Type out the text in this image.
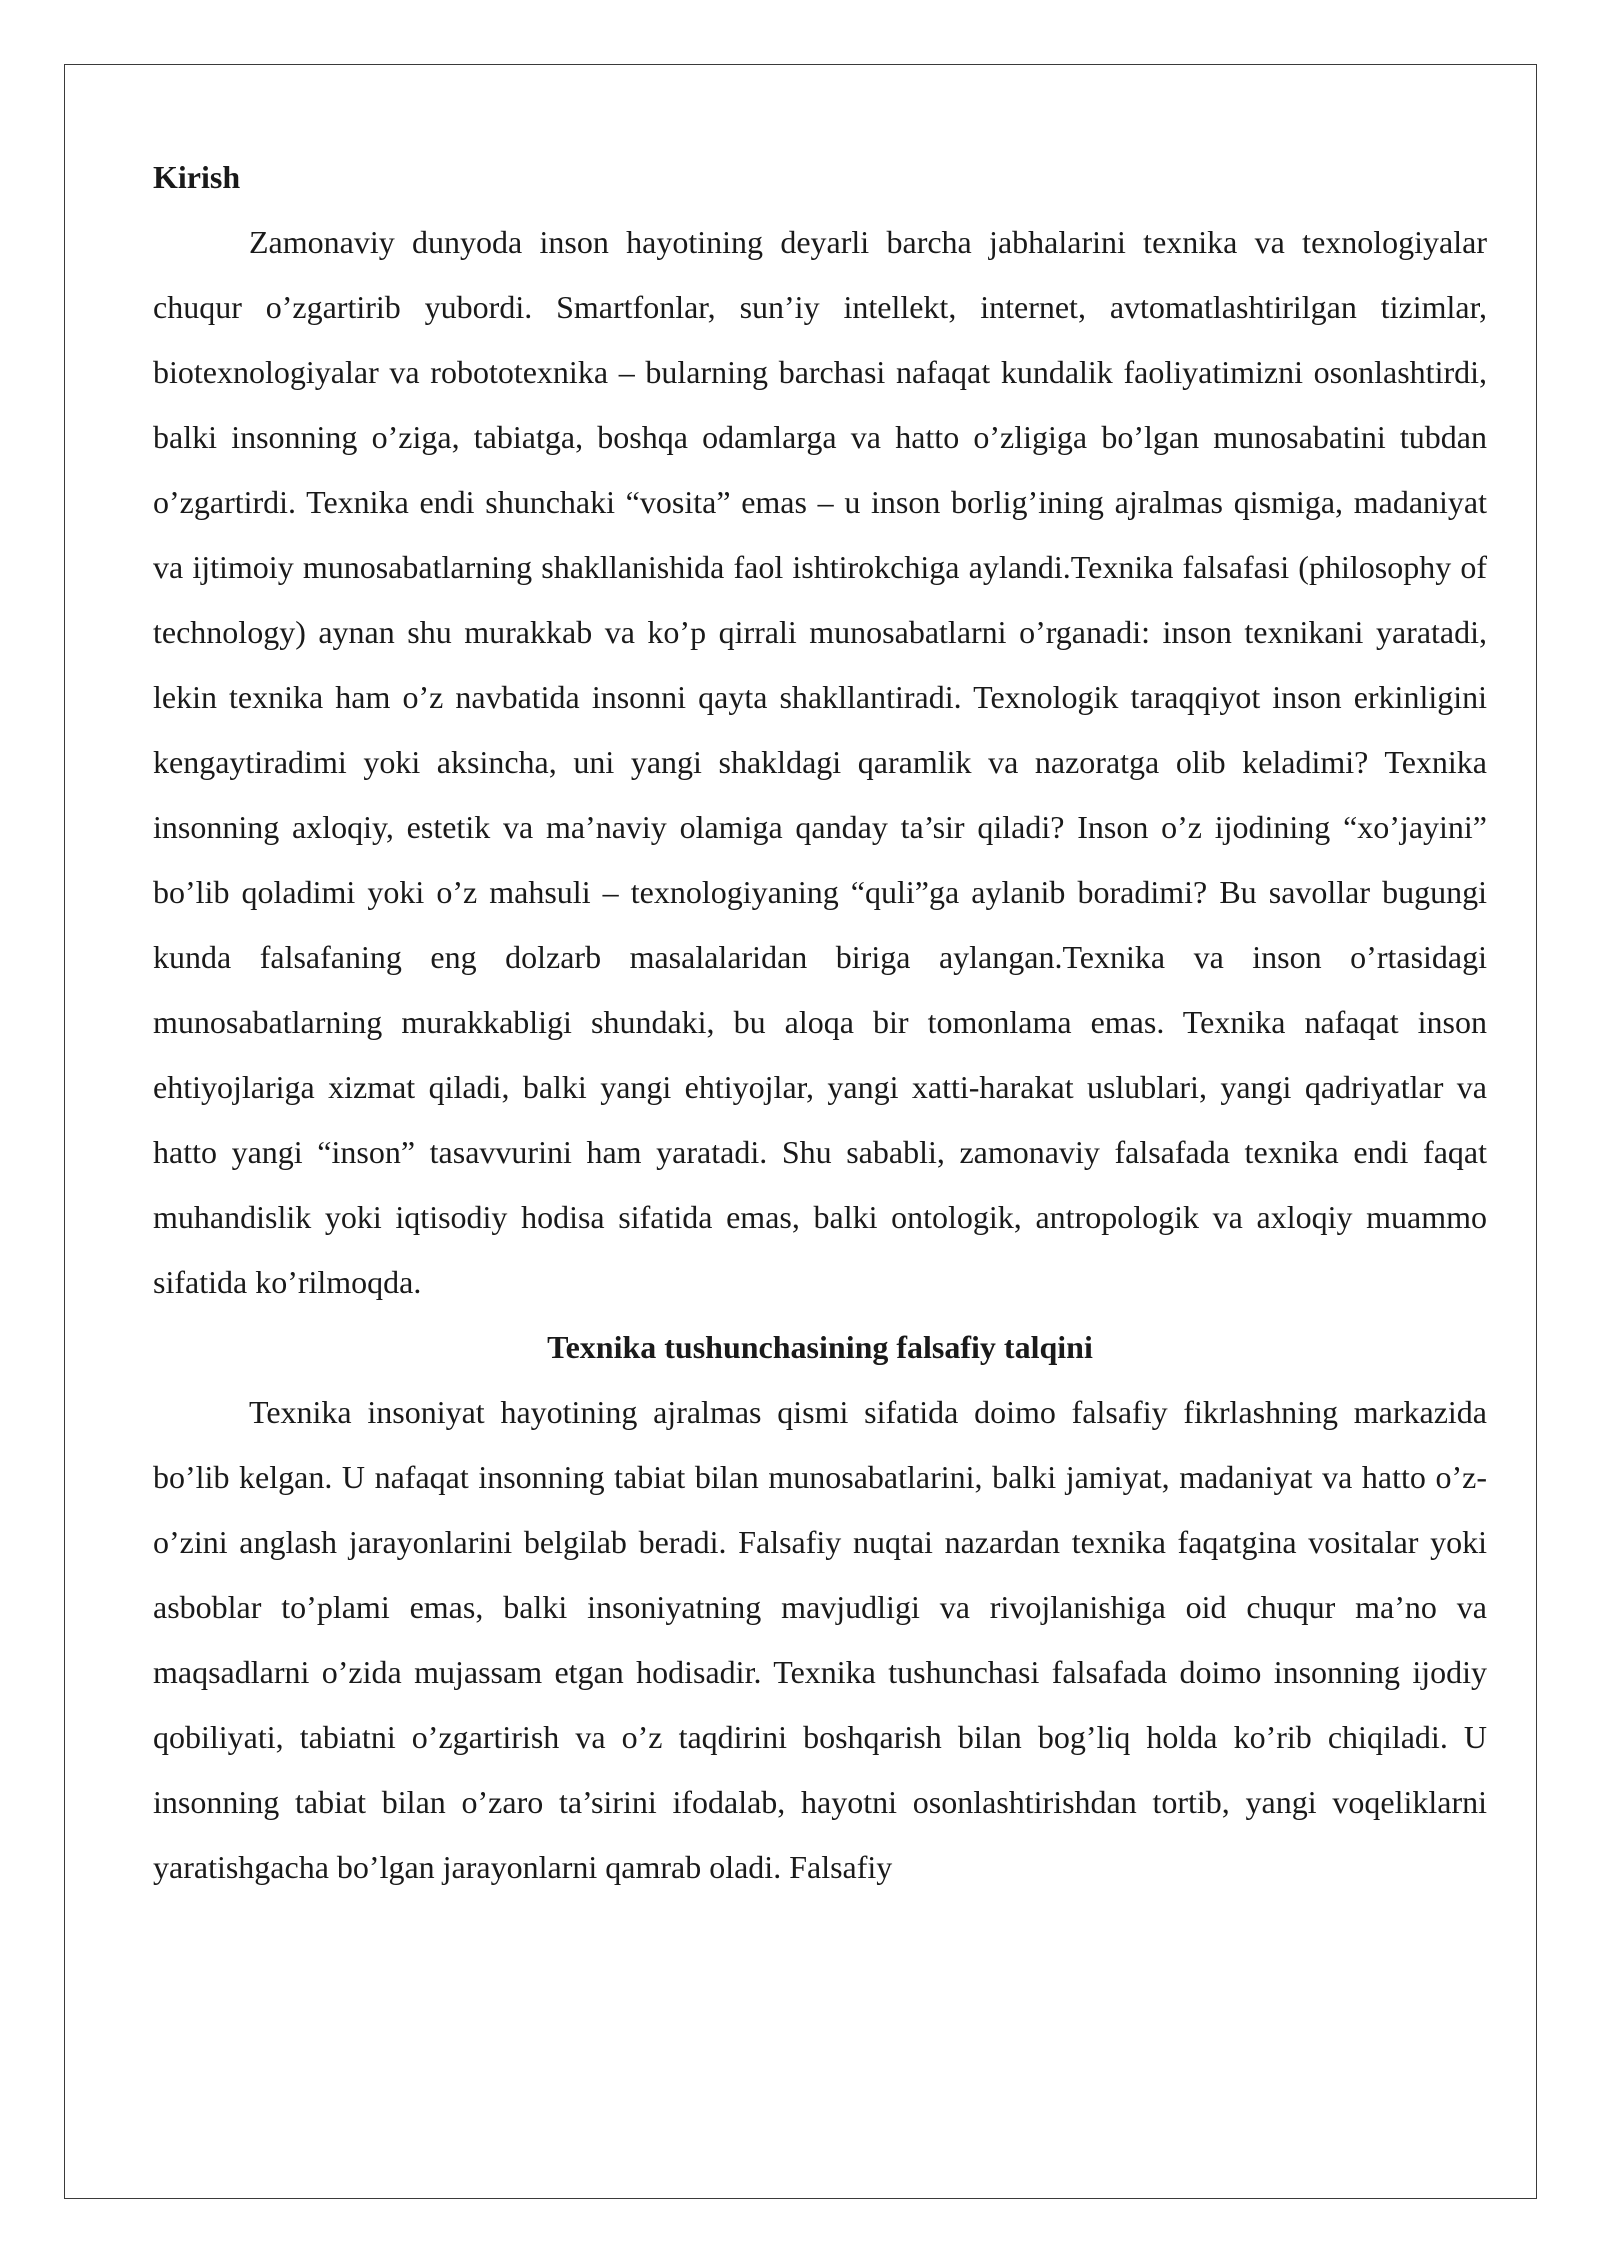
Kirish

Zamonaviy dunyoda inson hayotining deyarli barcha jabhalarini texnika va texnologiyalar chuqur o’zgartirib yubordi. Smartfonlar, sun’iy intellekt, internet, avtomatlashtirilgan tizimlar, biotexnologiyalar va robototexnika – bularning barchasi nafaqat kundalik faoliyatimizni osonlashtirdi, balki insonning o’ziga, tabiatga, boshqa odamlarga va hatto o’zligiga bo’lgan munosabatini tubdan o’zgartirdi. Texnika endi shunchaki “vosita” emas – u inson borlig’ining ajralmas qismiga, madaniyat va ijtimoiy munosabatlarning shakllanishida faol ishtirokchiga aylandi.Texnika falsafasi (philosophy of technology) aynan shu murakkab va ko’p qirrali munosabatlarni o’rganadi: inson texnikani yaratadi, lekin texnika ham o’z navbatida insonni qayta shakllantiradi. Texnologik taraqqiyot inson erkinligini kengaytiradimi yoki aksincha, uni yangi shakldagi qaramlik va nazoratga olib keladimi? Texnika insonning axloqiy, estetik va ma’naviy olamiga qanday ta’sir qiladi? Inson o’z ijodining “xo’jayini” bo’lib qoladimi yoki o’z mahsuli – texnologiyaning “quli”ga aylanib boradimi? Bu savollar bugungi kunda falsafaning eng dolzarb masalalaridan biriga aylangan.Texnika va inson o’rtasidagi munosabatlarning murakkabligi shundaki, bu aloqa bir tomonlama emas. Texnika nafaqat inson ehtiyojlariga xizmat qiladi, balki yangi ehtiyojlar, yangi xatti-harakat uslublari, yangi qadriyatlar va hatto yangi “inson” tasavvurini ham yaratadi. Shu sababli, zamonaviy falsafada texnika endi faqat muhandislik yoki iqtisodiy hodisa sifatida emas, balki ontologik, antropologik va axloqiy muammo sifatida ko’rilmoqda.

Texnika tushunchasining falsafiy talqini

Texnika insoniyat hayotining ajralmas qismi sifatida doimo falsafiy fikrlashning markazida bo’lib kelgan. U nafaqat insonning tabiat bilan munosabatlarini, balki jamiyat, madaniyat va hatto o’z-o’zini anglash jarayonlarini belgilab beradi. Falsafiy nuqtai nazardan texnika faqatgina vositalar yoki asboblar to’plami emas, balki insoniyatning mavjudligi va rivojlanishiga oid chuqur ma’no va maqsadlarni o’zida mujassam etgan hodisadir. Texnika tushunchasi falsafada doimo insonning ijodiy qobiliyati, tabiatni o’zgartirish va o’z taqdirini boshqarish bilan bog’liq holda ko’rib chiqiladi. U insonning tabiat bilan o’zaro ta’sirini ifodalab, hayotni osonlashtirishdan tortib, yangi voqeliklarni yaratishgacha bo’lgan jarayonlarni qamrab oladi. Falsafiy
